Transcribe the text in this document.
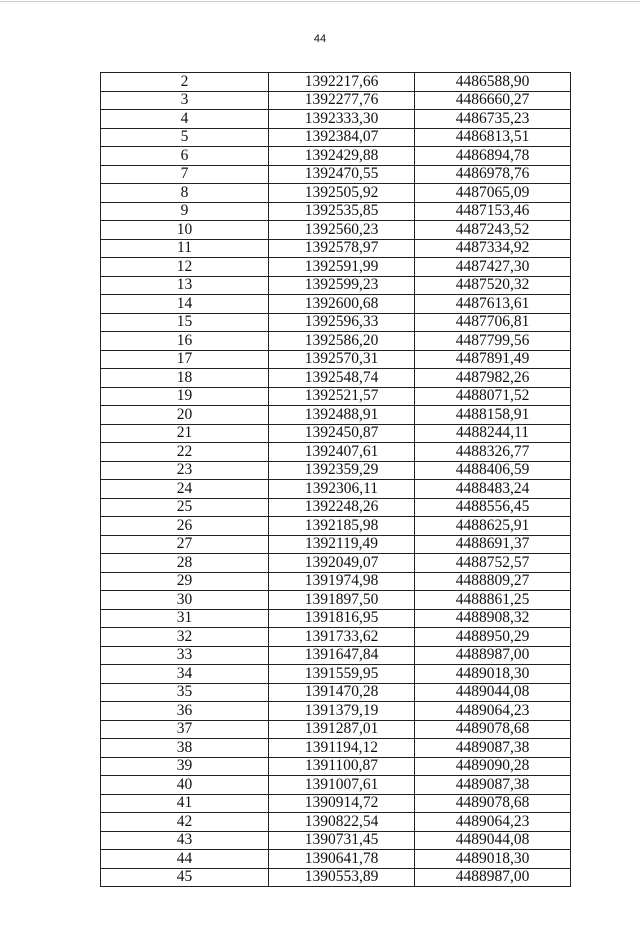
44
2	1392217,66	4486588,90
3	1392277,76	4486660,27
4	1392333,30	4486735,23
5	1392384,07	4486813,51
6	1392429,88	4486894,78
7	1392470,55	4486978,76
8	1392505,92	4487065,09
9	1392535,85	4487153,46
10	1392560,23	4487243,52
11	1392578,97	4487334,92
12	1392591,99	4487427,30
13	1392599,23	4487520,32
14	1392600,68	4487613,61
15	1392596,33	4487706,81
16	1392586,20	4487799,56
17	1392570,31	4487891,49
18	1392548,74	4487982,26
19	1392521,57	4488071,52
20	1392488,91	4488158,91
21	1392450,87	4488244,11
22	1392407,61	4488326,77
23	1392359,29	4488406,59
24	1392306,11	4488483,24
25	1392248,26	4488556,45
26	1392185,98	4488625,91
27	1392119,49	4488691,37
28	1392049,07	4488752,57
29	1391974,98	4488809,27
30	1391897,50	4488861,25
31	1391816,95	4488908,32
32	1391733,62	4488950,29
33	1391647,84	4488987,00
34	1391559,95	4489018,30
35	1391470,28	4489044,08
36	1391379,19	4489064,23
37	1391287,01	4489078,68
38	1391194,12	4489087,38
39	1391100,87	4489090,28
40	1391007,61	4489087,38
41	1390914,72	4489078,68
42	1390822,54	4489064,23
43	1390731,45	4489044,08
44	1390641,78	4489018,30
45	1390553,89	4488987,00
